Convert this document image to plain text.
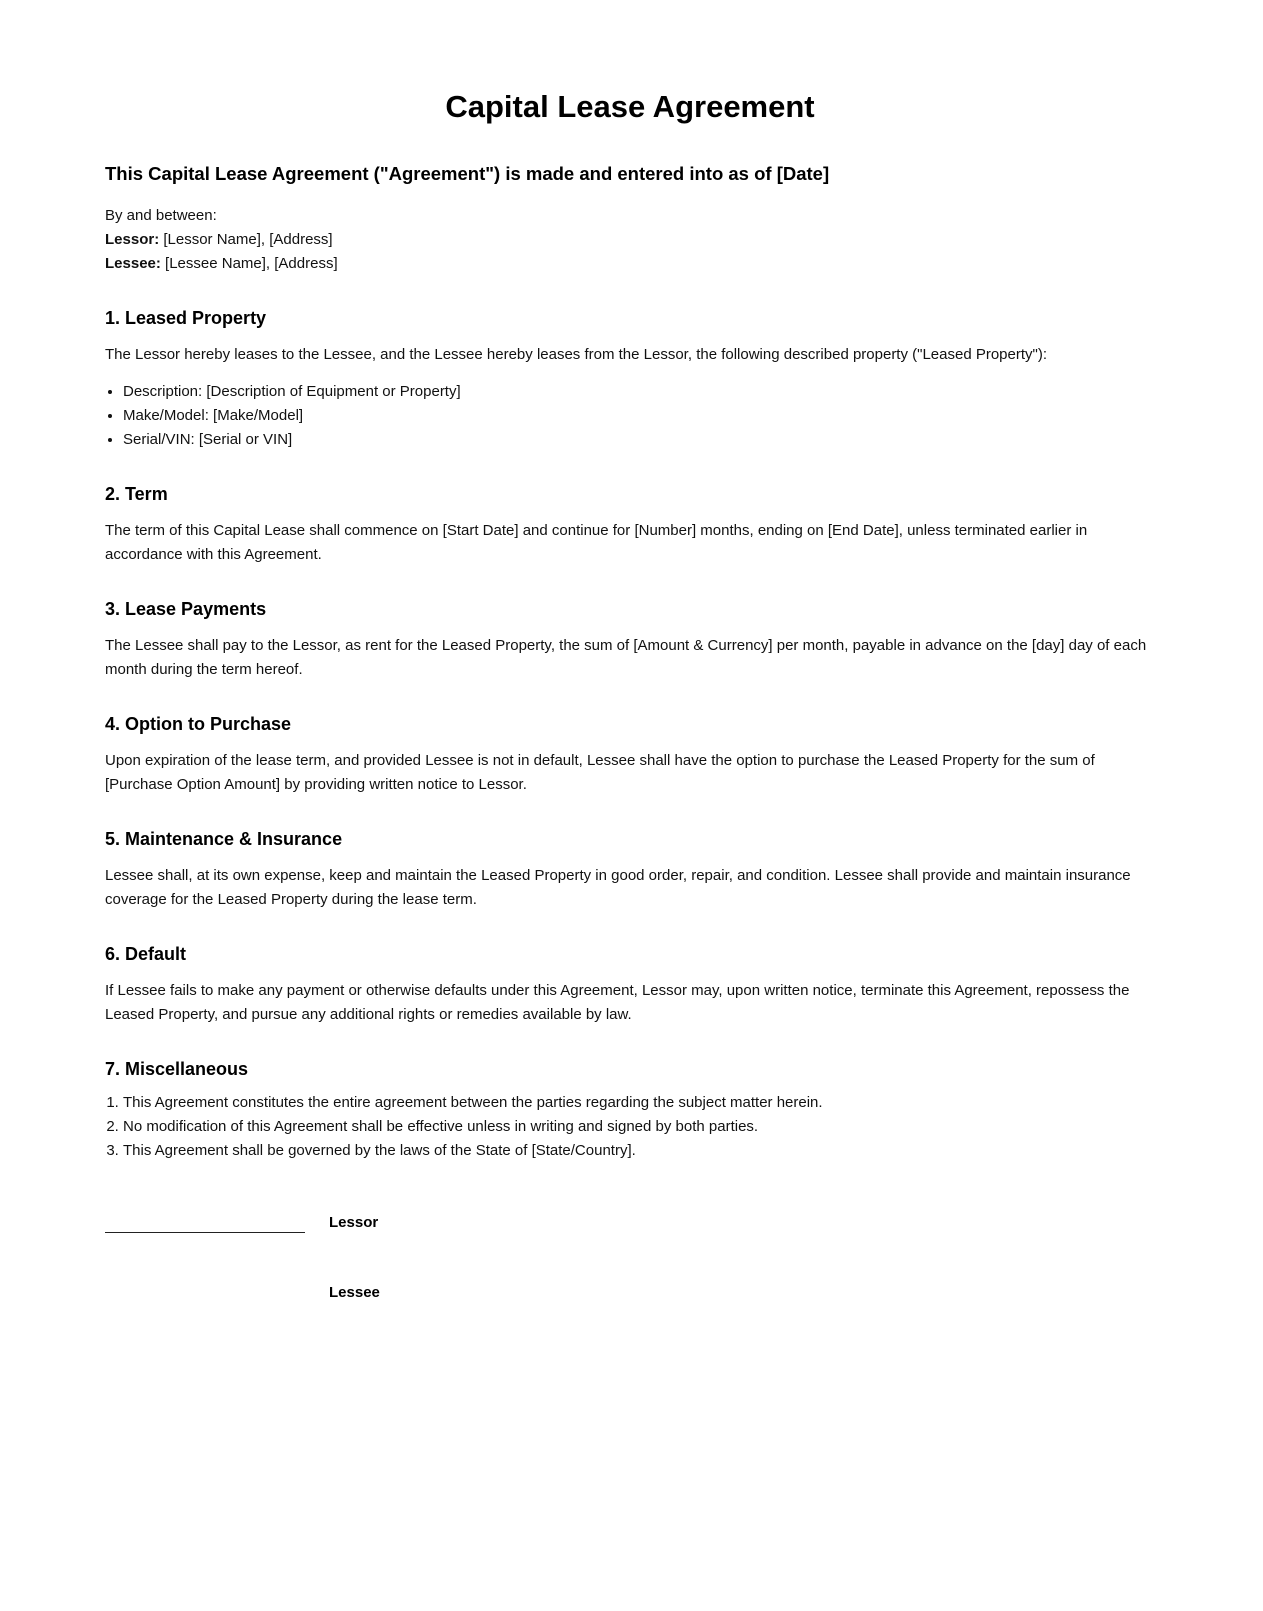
Capital Lease Agreement
This Capital Lease Agreement ("Agreement") is made and entered into as of [Date]
By and between:
Lessor: [Lessor Name], [Address]
Lessee: [Lessee Name], [Address]
1. Leased Property

The Lessor hereby leases to the Lessee, and the Lessee hereby leases from the Lessor, the following described property ("Leased Property"):

• Description: [Description of Equipment or Property]
• Make/Model: [Make/Model]
• Serial/VIN: [Serial or VIN]
2. Term

The term of this Capital Lease shall commence on [Start Date] and continue for [Number] months, ending on [End Date], unless terminated earlier in accordance with this Agreement.

3. Lease Payments

The Lessee shall pay to the Lessor, as rent for the Leased Property, the sum of [Amount & Currency] per month, payable in advance on the [day] day of each month during the term hereof.

4. Option to Purchase

Upon expiration of the lease term, and provided Lessee is not in default, Lessee shall have the option to purchase the Leased Property for the sum of [Purchase Option Amount] by providing written notice to Lessor.

5. Maintenance & Insurance

Lessee shall, at its own expense, keep and maintain the Leased Property in good order, repair, and condition. Lessee shall provide and maintain insurance coverage for the Leased Property during the lease term.

6. Default

If Lessee fails to make any payment or otherwise defaults under this Agreement, Lessor may, upon written notice, terminate this Agreement, repossess the Leased Property, and pursue any additional rights or remedies available by law.

7. Miscellaneous
1. This Agreement constitutes the entire agreement between the parties regarding the subject matter herein.
2. No modification of this Agreement shall be effective unless in writing and signed by both parties.
3. This Agreement shall be governed by the laws of the State of [State/Country].
Lessor
Lessee
